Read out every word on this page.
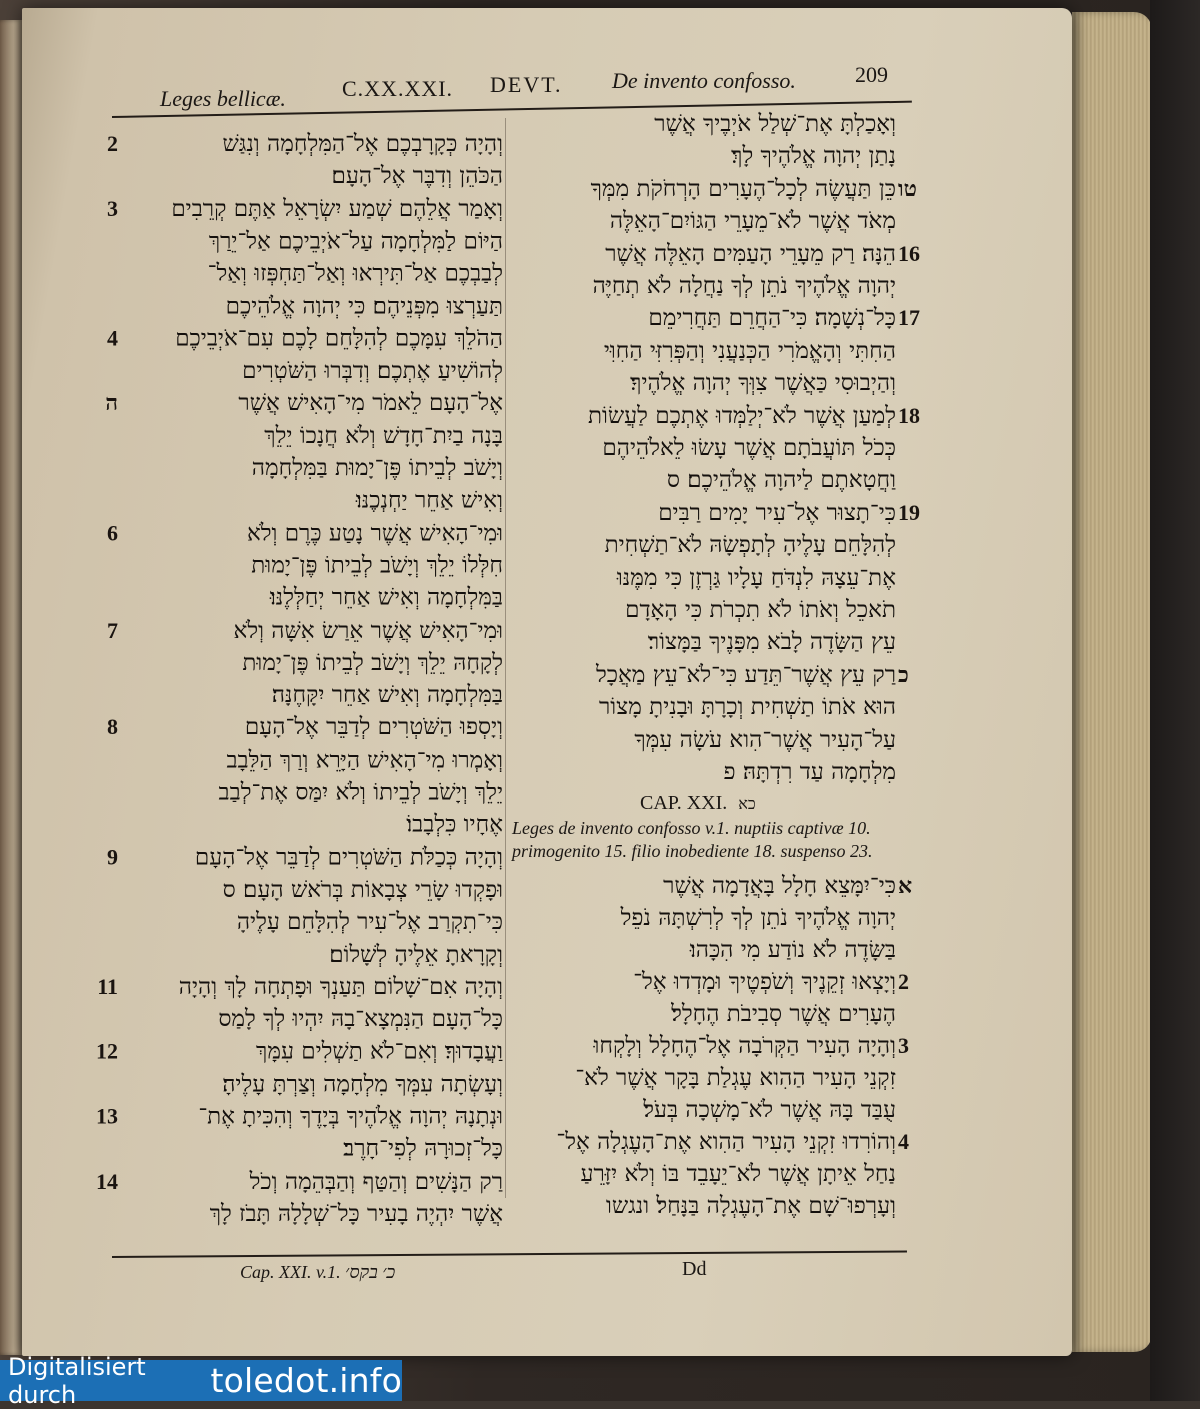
Leges bellicæ.	C.XX.XXI. DEVT. De invento confosso.	209
2	וְהָיָה כְּקָרָבְכֶם אֶל־הַמִּלְחָמָה וְנִגַּשׁ
הַכֹּהֵן וְדִבֶּר אֶל־הָעָם׃
3	וְאָמַר אֲלֵהֶם שְׁמַע יִשְׂרָאֵל אַתֶּם קְרֵבִים
הַיּוֹם לַמִּלְחָמָה עַל־אֹיְבֵיכֶם אַל־יֵרַךְ
לְבַבְכֶם אַל־תִּירְאוּ וְאַל־תַּחְפְּזוּ וְאַל־
תַּעַרְצוּ מִפְּנֵיהֶם׃ כִּי יְהוָה אֱלֹהֵיכֶם
4	הַהֹלֵךְ עִמָּכֶם לְהִלָּחֵם לָכֶם עִם־אֹיְבֵיכֶם
לְהוֹשִׁיעַ אֶתְכֶם׃ וְדִבְּרוּ הַשֹּׁטְרִים
ה	אֶל־הָעָם לֵאמֹר מִי־הָאִישׁ אֲשֶׁר
בָּנָה בַיִת־חָדָשׁ וְלֹא חֲנָכוֹ יֵלֵךְ
וְיָשֹׁב לְבֵיתוֹ פֶּן־יָמוּת בַּמִּלְחָמָה
וְאִישׁ אַחֵר יַחְנְכֶנּוּ׃
6	וּמִי־הָאִישׁ אֲשֶׁר נָטַע כֶּרֶם וְלֹא
חִלְּלוֹ יֵלֵךְ וְיָשֹׁב לְבֵיתוֹ פֶּן־יָמוּת
בַּמִּלְחָמָה וְאִישׁ אַחֵר יְחַלְּלֶנּוּ׃
7	וּמִי־הָאִישׁ אֲשֶׁר אֵרַשׂ אִשָּׁה וְלֹא
לְקָחָהּ יֵלֵךְ וְיָשֹׁב לְבֵיתוֹ פֶּן־יָמוּת
בַּמִּלְחָמָה וְאִישׁ אַחֵר יִקָּחֶנָּה׃
8	וְיָסְפוּ הַשֹּׁטְרִים לְדַבֵּר אֶל־הָעָם
וְאָמְרוּ מִי־הָאִישׁ הַיָּרֵא וְרַךְ הַלֵּבָב
יֵלֵךְ וְיָשֹׁב לְבֵיתוֹ וְלֹא יִמַּס אֶת־לְבַב
אֶחָיו כִּלְבָבוֹ׃
9	וְהָיָה כְּכַלֹּת הַשֹּׁטְרִים לְדַבֵּר אֶל־הָעָם
וּפָקְדוּ שָׂרֵי צְבָאוֹת בְּרֹאשׁ הָעָם׃ ס
כִּי־תִקְרַב אֶל־עִיר לְהִלָּחֵם עָלֶיהָ
וְקָרָאתָ אֵלֶיהָ לְשָׁלוֹם׃
11	וְהָיָה אִם־שָׁלוֹם תַּעַנְךָ וּפָתְחָה לָךְ וְהָיָה
כָּל־הָעָם הַנִּמְצָא־בָהּ יִהְיוּ לְךָ לָמַס
12	וַעֲבָדוּךָ׃ וְאִם־לֹא תַשְׁלִים עִמָּךְ
וְעָשְׂתָה עִמְּךָ מִלְחָמָה וְצַרְתָּ עָלֶיהָ׃
13	וּנְתָנָהּ יְהוָה אֱלֹהֶיךָ בְּיָדֶךָ וְהִכִּיתָ אֶת־
כָּל־זְכוּרָהּ לְפִי־חָרֶב׃
14	רַק הַנָּשִׁים וְהַטַּף וְהַבְּהֵמָה וְכֹל
אֲשֶׁר יִהְיֶה בָעִיר כָּל־שְׁלָלָהּ תָּבֹז לָךְ
וְאָכַלְתָּ אֶת־שְׁלַל אֹיְבֶיךָ אֲשֶׁר
נָתַן יְהוָה אֱלֹהֶיךָ לָךְ׃
טו
כֵּן תַּעֲשֶׂה לְכָל־הֶעָרִים הָרְחֹקֹת מִמְּךָ
מְאֹד אֲשֶׁר לֹא־מֵעָרֵי הַגּוֹיִם־הָאֵלֶּה
16
הֵנָּה׃ רַק מֵעָרֵי הָעַמִּים הָאֵלֶּה אֲשֶׁר
יְהוָה אֱלֹהֶיךָ נֹתֵן לְךָ נַחֲלָה לֹא תְחַיֶּה
17
כָּל־נְשָׁמָה׃ כִּי־הַחֲרֵם תַּחֲרִימֵם
הַחִתִּי וְהָאֱמֹרִי הַכְּנַעֲנִי וְהַפְּרִזִּי הַחִוִּי
וְהַיְבוּסִי כַּאֲשֶׁר צִוְּךָ יְהוָה אֱלֹהֶיךָ׃
18
לְמַעַן אֲשֶׁר לֹא־יְלַמְּדוּ אֶתְכֶם לַעֲשׂוֹת
כְּכֹל תּוֹעֲבֹתָם אֲשֶׁר עָשׂוּ לֵאלֹהֵיהֶם
וַחֲטָאתֶם לַיהוָה אֱלֹהֵיכֶם׃ ס
19
כִּי־תָצוּר אֶל־עִיר יָמִים רַבִּים
לְהִלָּחֵם עָלֶיהָ לְתָפְשָׂהּ לֹא־תַשְׁחִית
אֶת־עֵצָהּ לִנְדֹּחַ עָלָיו גַּרְזֶן כִּי מִמֶּנּוּ
תֹאכֵל וְאֹתוֹ לֹא תִכְרֹת כִּי הָאָדָם
עֵץ הַשָּׂדֶה לָבֹא מִפָּנֶיךָ בַּמָּצוֹר׃
כ
רַק עֵץ אֲשֶׁר־תֵּדַע כִּי־לֹא־עֵץ מַאֲכָל
הוּא אֹתוֹ תַשְׁחִית וְכָרָתָּ וּבָנִיתָ מָצוֹר
עַל־הָעִיר אֲשֶׁר־הִוא עֹשָׂה עִמְּךָ
מִלְחָמָה עַד רִדְתָּהּ׃ פ
CAP. XXI. כא
Leges de invento confosso v.1. nuptiis captivæ 10.
primogenito 15. filio inobediente 18. suspenso 23.
א
כִּי־יִמָּצֵא חָלָל בָּאֲדָמָה אֲשֶׁר
יְהוָה אֱלֹהֶיךָ נֹתֵן לְךָ לְרִשְׁתָּהּ נֹפֵל
בַּשָּׂדֶה לֹא נוֹדַע מִי הִכָּהוּ׃
2
וְיָצְאוּ זְקֵנֶיךָ וְשֹׁפְטֶיךָ וּמָדְדוּ אֶל־
הֶעָרִים אֲשֶׁר סְבִיבֹת הֶחָלָל׃
3
וְהָיָה הָעִיר הַקְּרֹבָה אֶל־הֶחָלָל וְלָקְחוּ
זִקְנֵי הָעִיר הַהִוא עֶגְלַת בָּקָר אֲשֶׁר לֹא־
עֻבַּד בָּהּ אֲשֶׁר לֹא־מָשְׁכָה בְּעֹל׃
4
וְהוֹרִדוּ זִקְנֵי הָעִיר הַהִוא אֶת־הָעֶגְלָה אֶל־
נַחַל אֵיתָן אֲשֶׁר לֹא־יֵעָבֵד בּוֹ וְלֹא יִזָּרֵעַ
וְעָרְפוּ־שָׁם אֶת־הָעֶגְלָה בַּנָּחַל׃ ונגשו
Cap. XXI. v.1. כ׳ בקס׳	Dd
Digitalisiert durch	toledot.info
